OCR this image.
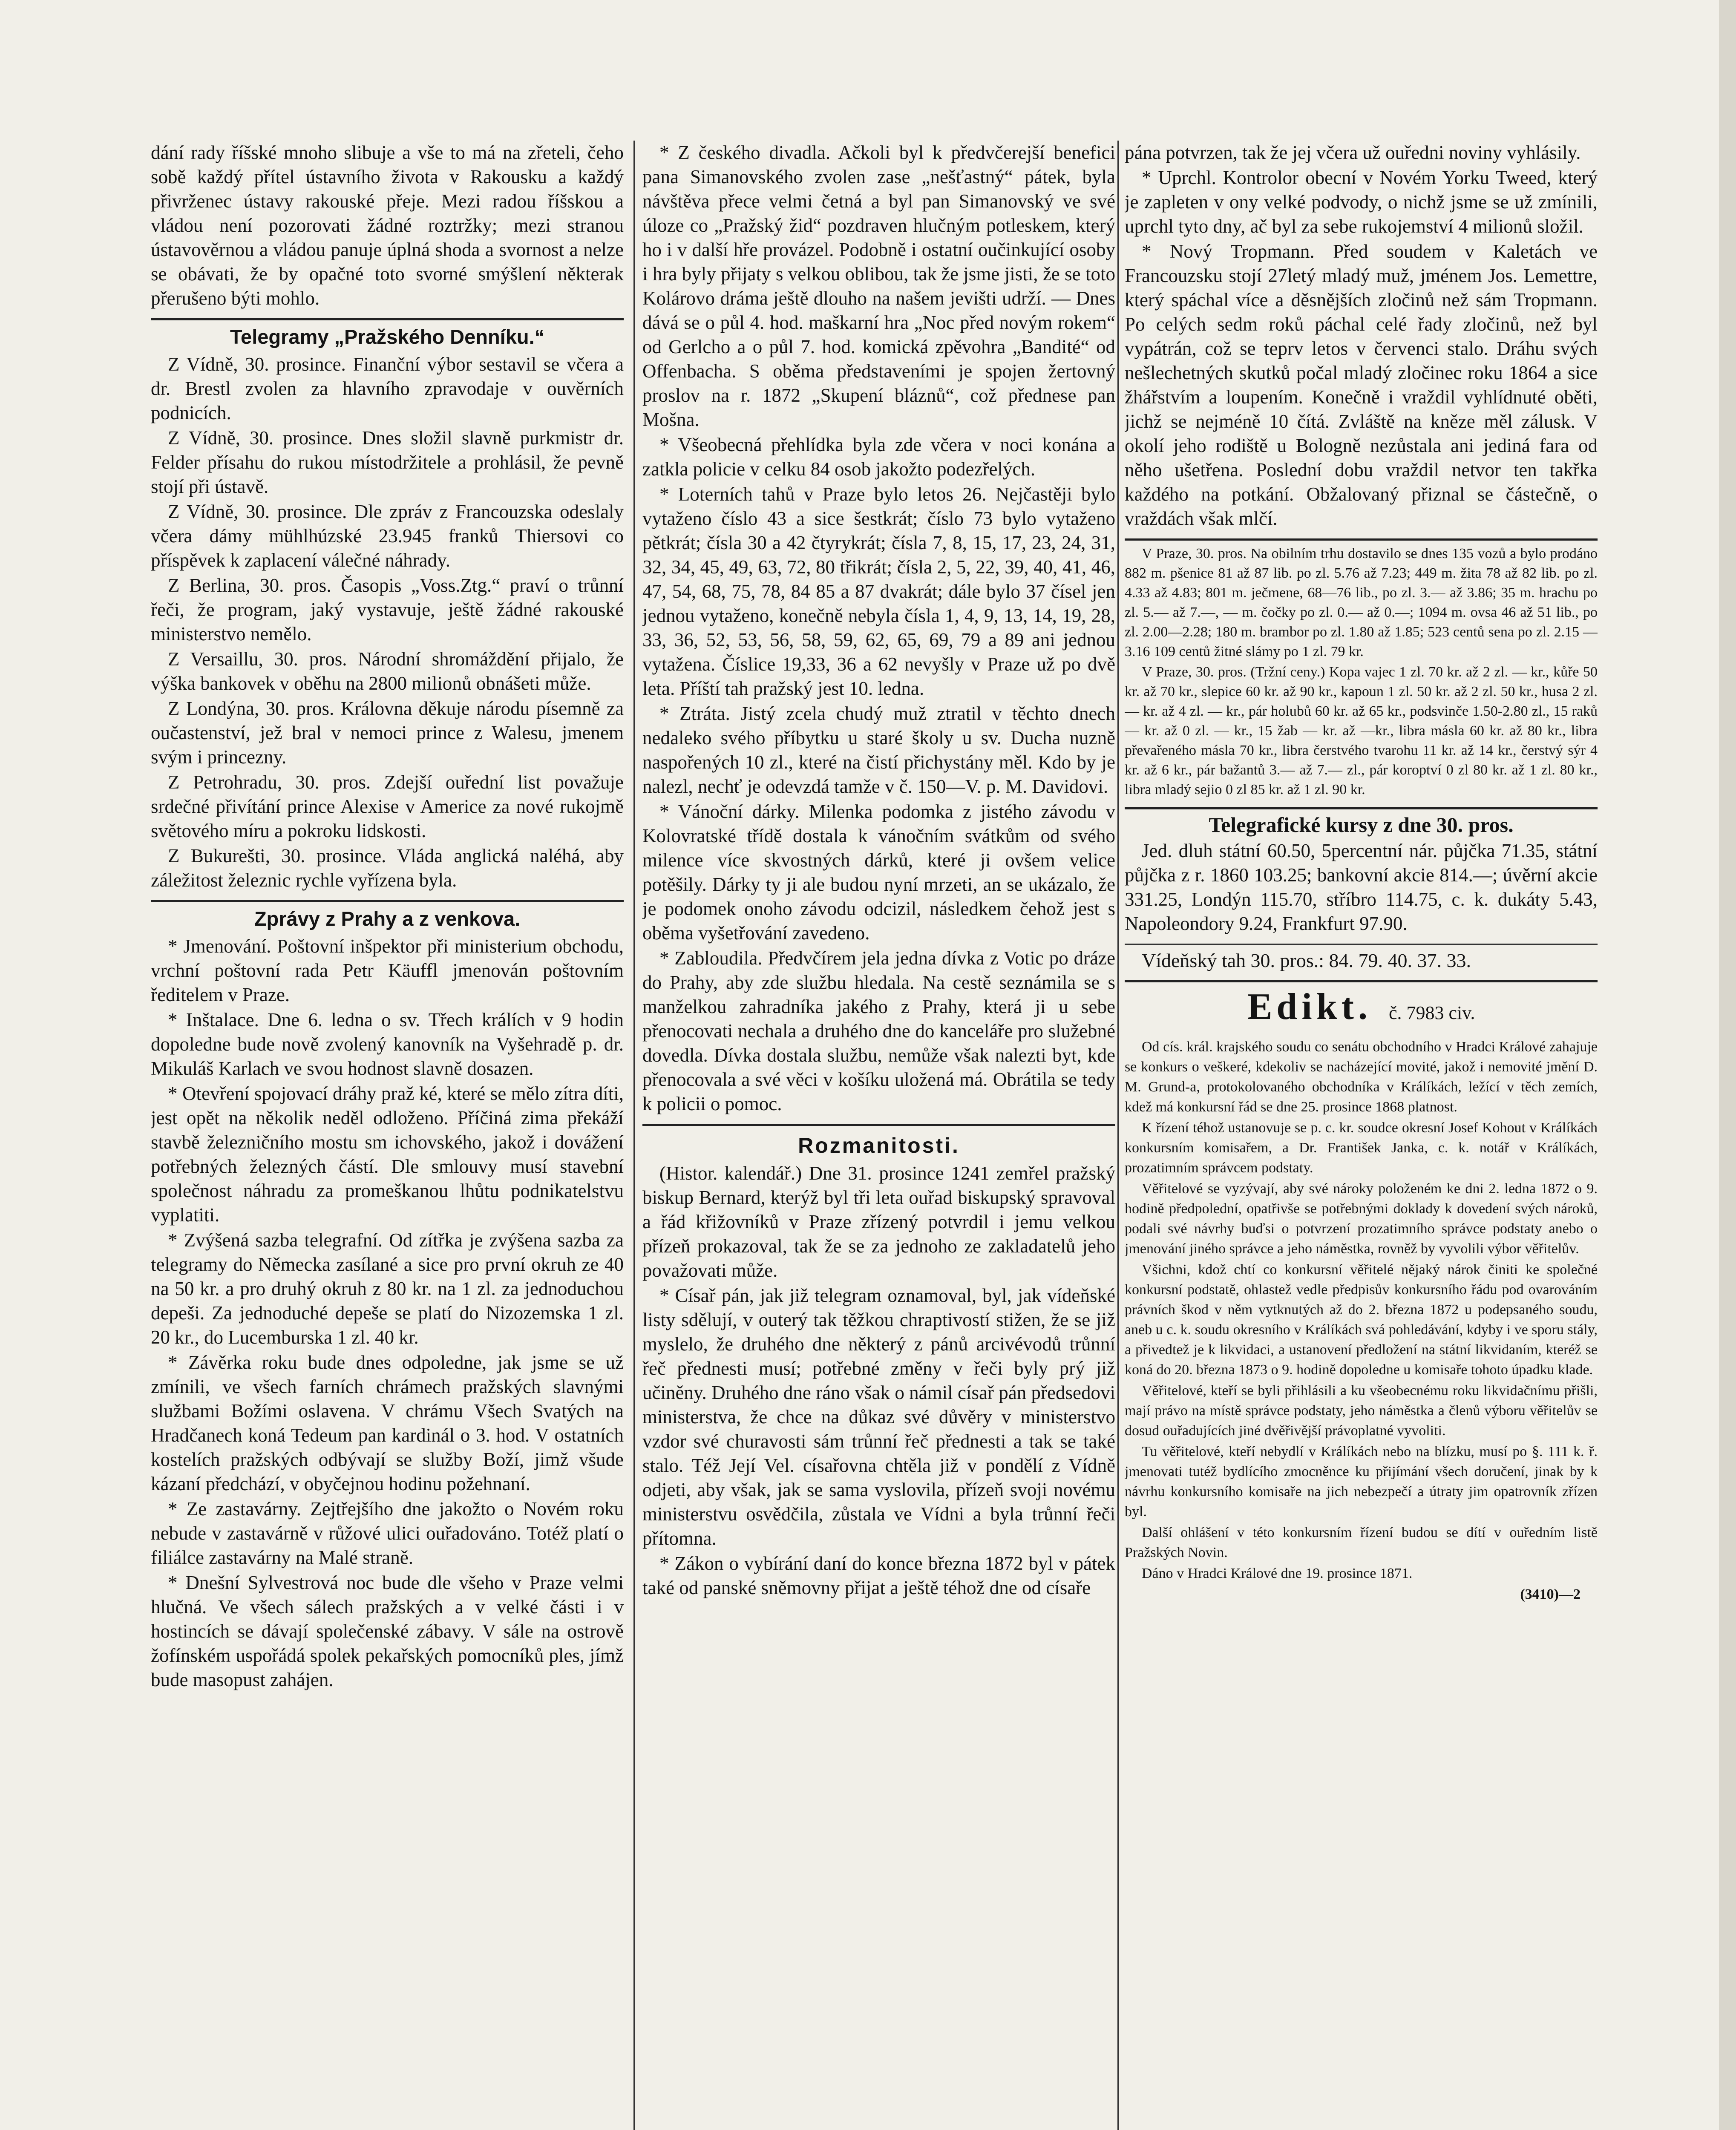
dání rady říšské mnoho slibuje a vše to má na zřeteli, čeho sobě každý přítel ústavního života v Rakousku a každý přivrženec ústavy rakouské přeje. Mezi radou říšskou a vládou není pozorovati žádné roztržky; mezi stranou ústavověrnou a vládou panuje úplná shoda a svornost a nelze se obávati, že by opačné toto svorné smýšlení některak přerušeno býti mohlo.

Telegramy „Pražského Denníku.“

Z Vídně, 30. prosince. Finanční výbor sestavil se včera a dr. Brestl zvolen za hlavního zpravodaje v ouvěrních podnicích.

Z Vídně, 30. prosince. Dnes složil slavně purkmistr dr. Felder přísahu do rukou místodržitele a prohlásil, že pevně stojí při ústavě.

Z Vídně, 30. prosince. Dle zpráv z Francouzska odeslaly včera dámy mühlhúzské 23.945 franků Thiersovi co příspěvek k zaplacení válečné náhrady.

Z Berlina, 30. pros. Časopis „Voss.Ztg.“ praví o trůnní řeči, že program, jaký vystavuje, ještě žádné rakouské ministerstvo nemělo.

Z Versaillu, 30. pros. Národní shromáždění přijalo, že výška bankovek v oběhu na 2800 milionů obnášeti může.

Z Londýna, 30. pros. Královna děkuje národu písemně za oučastenství, jež bral v nemoci prince z Walesu, jmenem svým i princezny.

Z Petrohradu, 30. pros. Zdejší ouřední list považuje srdečné přivítání prince Alexise v Americe za nové rukojmě světového míru a pokroku lidskosti.

Z Bukurešti, 30. prosince. Vláda anglická naléhá, aby záležitost železnic rychle vyřízena byla.

Zprávy z Prahy a z venkova.

* Jmenování. Poštovní inšpektor při ministerium obchodu, vrchní poštovní rada Petr Käuffl jmenován poštovním ředitelem v Praze.

* Inštalace. Dne 6. ledna o sv. Třech králích v 9 hodin dopoledne bude nově zvolený kanovník na Vyšehradě p. dr. Mikuláš Karlach ve svou hodnost slavně dosazen.

* Otevření spojovací dráhy praž ké, které se mělo zítra díti, jest opět na několik neděl odloženo. Příčiná zima překáží stavbě železničního mostu sm ichovského, jakož i dovážení potřebných železných částí. Dle smlouvy musí stavební společnost náhradu za promeškanou lhůtu podnikatelstvu vyplatiti.

* Zvýšená sazba telegrafní. Od zítřka je zvýšena sazba za telegramy do Německa zasílané a sice pro první okruh ze 40 na 50 kr. a pro druhý okruh z 80 kr. na 1 zl. za jednoduchou depeši. Za jednoduché depeše se platí do Nizozemska 1 zl. 20 kr., do Lucemburska 1 zl. 40 kr.

* Závěrka roku bude dnes odpoledne, jak jsme se už zmínili, ve všech farních chrámech pražských slavnými službami Božími oslavena. V chrámu Všech Svatých na Hradčanech koná Tedeum pan kardinál o 3. hod. V ostatních kostelích pražských odbývají se služby Boží, jimž všude kázaní předchází, v obyčejnou hodinu požehnaní.

* Ze zastavárny. Zejtřejšího dne jakožto o Novém roku nebude v zastavárně v růžové ulici ouřadováno. Totéž platí o filiálce zastavárny na Malé straně.

* Dnešní Sylvestrová noc bude dle všeho v Praze velmi hlučná. Ve všech sálech pražských a v velké části i v hostincích se dávají společenské zábavy. V sále na ostrově žofínském uspořádá spolek pekařských pomocníků ples, jímž bude masopust zahájen.

* Z českého divadla. Ačkoli byl k předvčerejší benefici pana Simanovského zvolen zase „nešťastný“ pátek, byla návštěva přece velmi četná a byl pan Simanovský ve své úloze co „Pražský žid“ pozdraven hlučným potleskem, který ho i v další hře provázel. Podobně i ostatní oučinkující osoby i hra byly přijaty s velkou oblibou, tak že jsme jisti, že se toto Kolárovo dráma ještě dlouho na našem jevišti udrží. — Dnes dává se o půl 4. hod. maškarní hra „Noc před novým rokem“ od Gerlcho a o půl 7. hod. komická zpěvohra „Bandité“ od Offenbacha. S oběma představeními je spojen žertovný proslov na r. 1872 „Skupení bláznů“, což přednese pan Mošna.

* Všeobecná přehlídka byla zde včera v noci konána a zatkla policie v celku 84 osob jakožto podezřelých.

* Loterních tahů v Praze bylo letos 26. Nejčastěji bylo vytaženo číslo 43 a sice šestkrát; číslo 73 bylo vytaženo pětkrát; čísla 30 a 42 čtyrykrát; čísla 7, 8, 15, 17, 23, 24, 31, 32, 34, 45, 49, 63, 72, 80 třikrát; čísla 2, 5, 22, 39, 40, 41, 46, 47, 54, 68, 75, 78, 84 85 a 87 dvakrát; dále bylo 37 čísel jen jednou vytaženo, konečně nebyla čísla 1, 4, 9, 13, 14, 19, 28, 33, 36, 52, 53, 56, 58, 59, 62, 65, 69, 79 a 89 ani jednou vytažena. Číslice 19,33, 36 a 62 nevyšly v Praze už po dvě leta. Příští tah pražský jest 10. ledna.

* Ztráta. Jistý zcela chudý muž ztratil v těchto dnech nedaleko svého příbytku u staré školy u sv. Ducha nuzně naspořených 10 zl., které na čistí přichystány měl. Kdo by je nalezl, nechť je odevzdá tamže v č. 150—V. p. M. Davidovi.

* Vánoční dárky. Milenka podomka z jistého závodu v Kolovratské třídě dostala k vánočním svátkům od svého milence více skvostných dárků, které ji ovšem velice potěšily. Dárky ty ji ale budou nyní mrzeti, an se ukázalo, že je podomek onoho závodu odcizil, následkem čehož jest s oběma vyšetřování zavedeno.

* Zabloudila. Předvčírem jela jedna dívka z Votic po dráze do Prahy, aby zde službu hledala. Na cestě seznámila se s manželkou zahradníka jakého z Prahy, která ji u sebe přenocovati nechala a druhého dne do kanceláře pro služebné dovedla. Dívka dostala službu, nemůže však nalezti byt, kde přenocovala a své věci v košíku uložená má. Obrátila se tedy k policii o pomoc.

Rozmanitosti.

(Histor. kalendář.) Dne 31. prosince 1241 zemřel pražský biskup Bernard, kterýž byl tři leta ouřad biskupský spravoval a řád křižovníků v Praze zřízený potvrdil i jemu velkou přízeň prokazoval, tak že se za jednoho ze zakladatelů jeho považovati může.

* Císař pán, jak již telegram oznamoval, byl, jak vídeňské listy sdělují, v outerý tak těžkou chraptivostí stižen, že se již myslelo, že druhého dne některý z pánů arcivévodů trůnní řeč přednesti musí; potřebné změny v řeči byly prý již učiněny. Druhého dne ráno však o námil císař pán předsedovi ministerstva, že chce na důkaz své důvěry v ministerstvo vzdor své churavosti sám trůnní řeč přednesti a tak se také stalo. Též Její Vel. císařovna chtěla již v pondělí z Vídně odjeti, aby však, jak se sama vyslovila, přízeň svoji novému ministerstvu osvědčila, zůstala ve Vídni a byla trůnní řeči přítomna.

* Zákon o vybírání daní do konce března 1872 byl v pátek také od panské sněmovny přijat a ještě téhož dne od císaře

pána potvrzen, tak že jej včera už ouředni noviny vyhlásily.

* Uprchl. Kontrolor obecní v Novém Yorku Tweed, který je zapleten v ony velké podvody, o nichž jsme se už zmínili, uprchl tyto dny, ač byl za sebe rukojemství 4 milionů složil.

* Nový Tropmann. Před soudem v Kaletách ve Francouzsku stojí 27letý mladý muž, jménem Jos. Lemettre, který spáchal více a děsnějších zločinů než sám Tropmann. Po celých sedm roků páchal celé řady zločinů, než byl vypátrán, což se teprv letos v červenci stalo. Dráhu svých nešlechetných skutků počal mladý zločinec roku 1864 a sice žhářstvím a loupením. Konečně i vraždil vyhlídnuté oběti, jichž se nejméně 10 čítá. Zvláště na kněze měl zálusk. V okolí jeho rodiště u Bologně nezůstala ani jediná fara od něho ušetřena. Poslední dobu vraždil netvor ten takřka každého na potkání. Obžalovaný přiznal se částečně, o vraždách však mlčí.

V Praze, 30. pros. Na obilním trhu dostavilo se dnes 135 vozů a bylo prodáno 882 m. pšenice 81 až 87 lib. po zl. 5.76 až 7.23; 449 m. žita 78 až 82 lib. po zl. 4.33 až 4.83; 801 m. ječmene, 68—76 lib., po zl. 3.— až 3.86; 35 m. hrachu po zl. 5.— až 7.—, — m. čočky po zl. 0.— až 0.—; 1094 m. ovsa 46 až 51 lib., po zl. 2.00—2.28; 180 m. brambor po zl. 1.80 až 1.85; 523 centů sena po zl. 2.15 — 3.16 109 centů žitné slámy po 1 zl. 79 kr.

V Praze, 30. pros. (Tržní ceny.) Kopa vajec 1 zl. 70 kr. až 2 zl. — kr., kůře 50 kr. až 70 kr., slepice 60 kr. až 90 kr., kapoun 1 zl. 50 kr. až 2 zl. 50 kr., husa 2 zl. — kr. až 4 zl. — kr., pár holubů 60 kr. až 65 kr., podsvinče 1.50-2.80 zl., 15 raků — kr. až 0 zl. — kr., 15 žab — kr. až —kr., libra másla 60 kr. až 80 kr., libra převařeného másla 70 kr., libra čerstvého tvarohu 11 kr. až 14 kr., čerstvý sýr 4 kr. až 6 kr., pár bažantů 3.— až 7.— zl., pár koroptví 0 zl 80 kr. až 1 zl. 80 kr., libra mladý sejio 0 zl 85 kr. až 1 zl. 90 kr.

Telegrafické kursy z dne 30. pros.

Jed. dluh státní 60.50, 5percentní nár. půjčka 71.35, státní půjčka z r. 1860 103.25; bankovní akcie 814.—; úvěrní akcie 331.25, Londýn 115.70, stříbro 114.75, c. k. dukáty 5.43, Napoleondory 9.24, Frankfurt 97.90.

Vídeňský tah 30. pros.: 84. 79. 40. 37. 33.

Edikt. č. 7983 civ.

Od cís. král. krajského soudu co senátu obchodního v Hradci Králové zahajuje se konkurs o veškeré, kdekoliv se nacházející movité, jakož i nemovité jmění D. M. Grund-a, protokolovaného obchodníka v Králíkách, ležící v těch zemích, kdež má konkursní řád se dne 25. prosince 1868 platnost.

K řízení téhož ustanovuje se p. c. kr. soudce okresní Josef Kohout v Králíkách konkursním komisařem, a Dr. František Janka, c. k. notář v Králíkách, prozatimním správcem podstaty.

Věřitelové se vyzývají, aby své nároky položeném ke dni 2. ledna 1872 o 9. hodině předpolední, opatřivše se potřebnými doklady k dovedení svých nároků, podali své návrhy buďsi o potvrzení prozatimního správce podstaty anebo o jmenování jiného správce a jeho náměstka, rovněž by vyvolili výbor věřitelův.

Všichni, kdož chtí co konkursní věřitelé nějaký nárok činiti ke společné konkursní podstatě, ohlastež vedle předpisův konkursního řádu pod ovarováním právních škod v něm vytknutých až do 2. března 1872 u podepsaného soudu, aneb u c. k. soudu okresního v Králíkách svá pohledávání, kdyby i ve sporu stály, a přivedtež je k likvidaci, a ustanovení předložení na státní likvidaním, kteréž se koná do 20. března 1873 o 9. hodině dopoledne u komisaře tohoto úpadku klade.

Věřitelové, kteří se byli přihlásili a ku všeobecnému roku likvidačnímu přišli, mají právo na místě správce podstaty, jeho náměstka a členů výboru věřitelův se dosud ouřadujících jiné dvěřivější právoplatné vyvoliti.

Tu věřitelové, kteří nebydlí v Králíkách nebo na blízku, musí po §. 111 k. ř. jmenovati tutéž bydlícího zmocněnce ku přijímání všech doručení, jinak by k návrhu konkursního komisaře na jich nebezpečí a útraty jim opatrovník zřízen byl.

Další ohlášení v této konkursním řízení budou se dítí v ouředním listě Pražských Novin.

Dáno v Hradci Králové dne 19. prosince 1871.

(3410)—2
